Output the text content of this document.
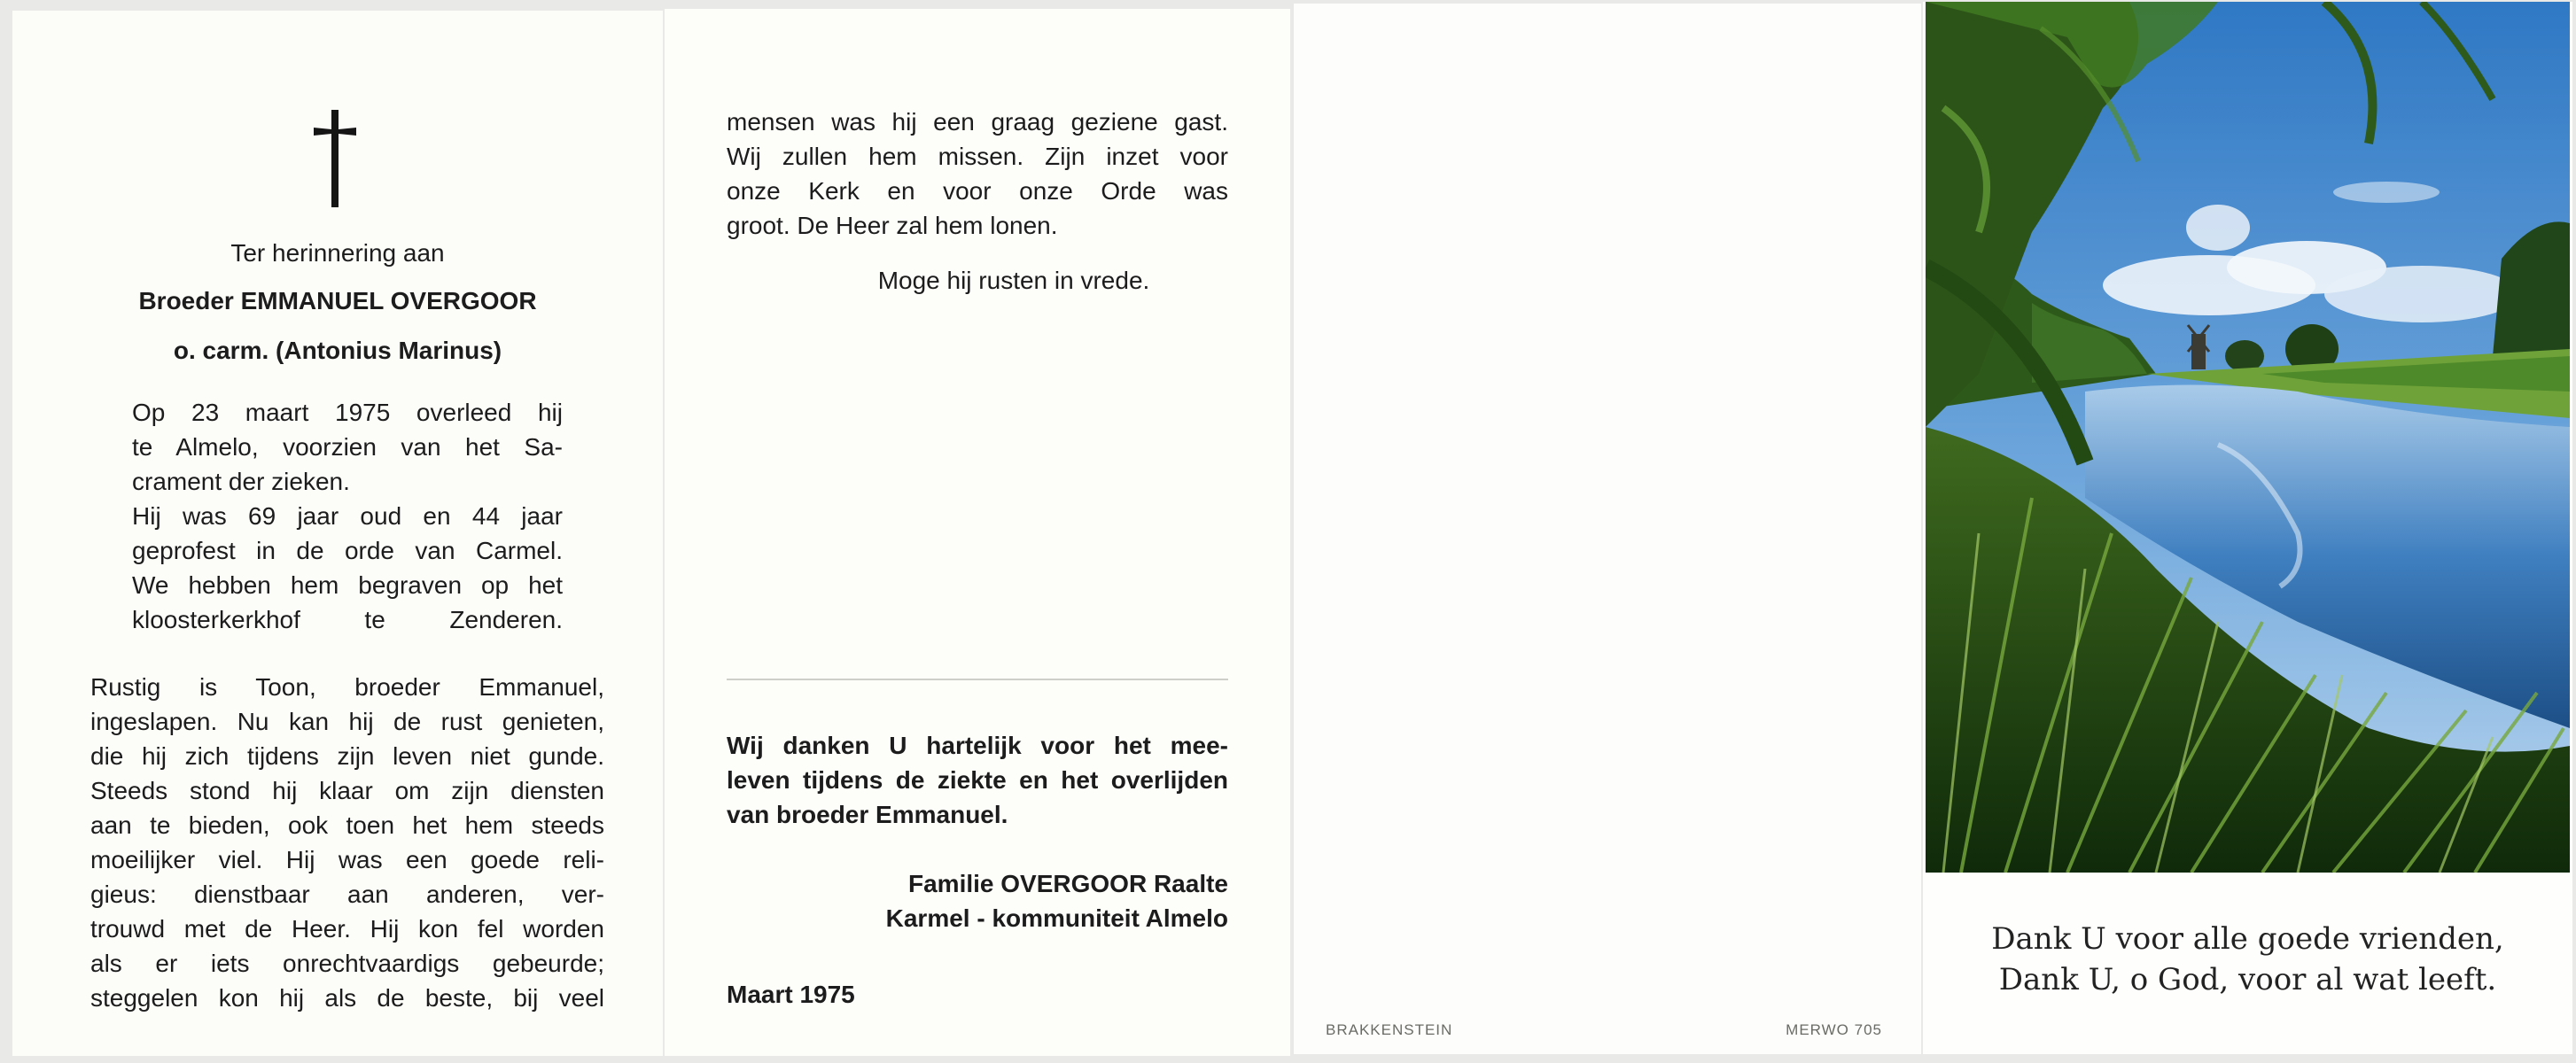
Ter herinnering aan
Broeder EMMANUEL OVERGOOR
o. carm. (Antonius Marinus)
Op 23 maart 1975 overleed hij
te Almelo, voorzien van het Sa-
crament der zieken.
Hij was 69 jaar oud en 44 jaar
geprofest in de orde van Carmel.
We hebben hem begraven op het
kloosterkerkhof te Zenderen.
Rustig is Toon, broeder Emmanuel,
ingeslapen. Nu kan hij de rust genieten,
die hij zich tijdens zijn leven niet gunde.
Steeds stond hij klaar om zijn diensten
aan te bieden, ook toen het hem steeds
moeilijker viel. Hij was een goede reli-
gieus: dienstbaar aan anderen, ver-
trouwd met de Heer. Hij kon fel worden
als er iets onrechtvaardigs gebeurde;
steggelen kon hij als de beste, bij veel
mensen was hij een graag geziene gast.
Wij zullen hem missen. Zijn inzet voor
onze Kerk en voor onze Orde was
groot. De Heer zal hem lonen.
Moge hij rusten in vrede.
Wij danken U hartelijk voor het mee-
leven tijdens de ziekte en het overlijden
van broeder Emmanuel.
Familie OVERGOOR Raalte
Karmel - kommuniteit Almelo
Maart 1975
BRAKKENSTEIN	MERWO 705
Dank U voor alle goede vrienden,
Dank U, o God, voor al wat leeft.
